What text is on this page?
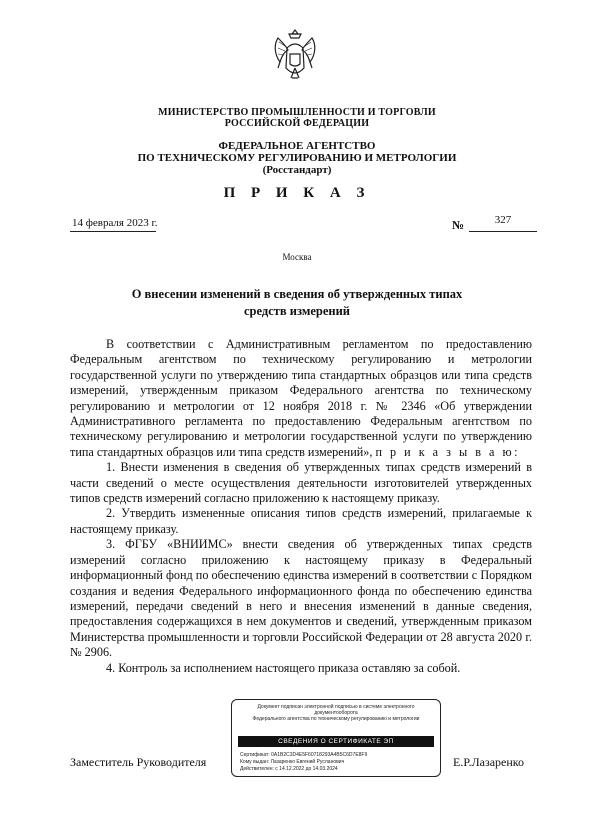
МИНИСТЕРСТВО ПРОМЫШЛЕННОСТИ И ТОРГОВЛИ
РОССИЙСКОЙ ФЕДЕРАЦИИ
ФЕДЕРАЛЬНОЕ АГЕНТСТВО
ПО ТЕХНИЧЕСКОМУ РЕГУЛИРОВАНИЮ И МЕТРОЛОГИИ
(Росстандарт)
П Р И К А З
14 февраля 2023 г.	№	327
Москва
О внесении изменений в сведения об утвержденных типах
средств измерений

В соответствии с Административным регламентом по предоставлению Федеральным агентством по техническому регулированию и метрологии государственной услуги по утверждению типа стандартных образцов или типа средств измерений, утвержденным приказом Федерального агентства по техническому регулированию и метрологии от 12 ноября 2018 г. № 2346 «Об утверждении Административного регламента по предоставлению Федеральным агентством по техническому регулированию и метрологии государственной услуги по утверждению типа стандартных образцов или типа средств измерений», п р и к а з ы в а ю:

1. Внести изменения в сведения об утвержденных типах средств измерений в части сведений о месте осуществления деятельности изготовителей утвержденных типов средств измерений согласно приложению к настоящему приказу.

2. Утвердить измененные описания типов средств измерений, прилагаемые к настоящему приказу.

3. ФГБУ «ВНИИМС» внести сведения об утвержденных типах средств измерений согласно приложению к настоящему приказу в Федеральный информационный фонд по обеспечению единства измерений в соответствии с Порядком создания и ведения Федерального информационного фонда по обеспечению единства измерений, передачи сведений в него и внесения изменений в данные сведения, предоставления содержащихся в нем документов и сведений, утвержденным приказом Министерства промышленности и торговли Российской Федерации от 28 августа 2020 г. № 2906.

4. Контроль за исполнением настоящего приказа оставляю за собой.

Заместитель Руководителя	Е.Р.Лазаренко
Документ подписан электронной подписью в системе электронного документооборота
Федерального агентства по техническому регулированию и метрологии
СВЕДЕНИЯ О СЕРТИФИКАТЕ ЭП
Сертификат: 0A1B2C3D4E5F60718293A4B5C6D7E8F9
Кому выдан: Лазаренко Евгений Русланович
Действителен: с 14.12.2022 до 14.03.2024
